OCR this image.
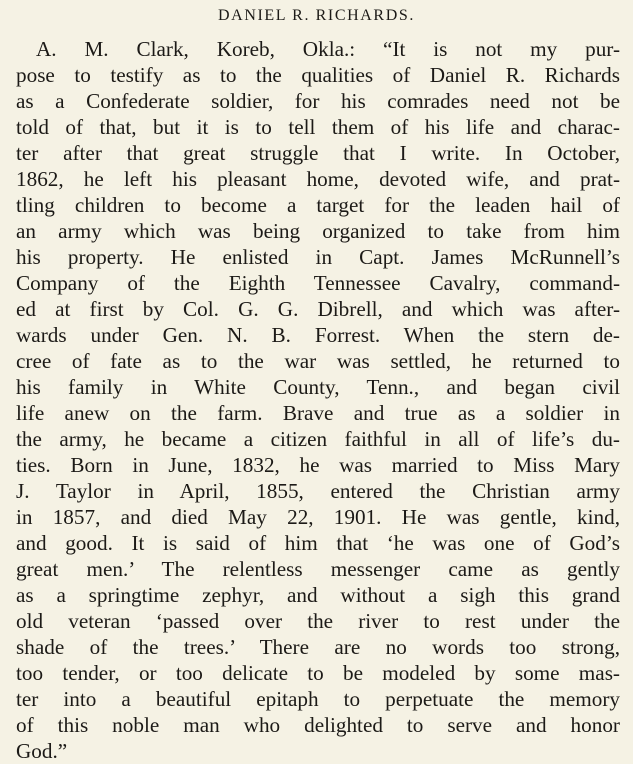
DANIEL R. RICHARDS.
A. M. Clark, Koreb, Okla.: “It is not my pur-
pose to testify as to the qualities of Daniel R. Richards
as a Confederate soldier, for his comrades need not be
told of that, but it is to tell them of his life and charac-
ter after that great struggle that I write. In October,
1862, he left his pleasant home, devoted wife, and prat-
tling children to become a target for the leaden hail of
an army which was being organized to take from him
his property. He enlisted in Capt. James McRunnell’s
Company of the Eighth Tennessee Cavalry, command-
ed at first by Col. G. G. Dibrell, and which was after-
wards under Gen. N. B. Forrest. When the stern de-
cree of fate as to the war was settled, he returned to
his family in White County, Tenn., and began civil
life anew on the farm. Brave and true as a soldier in
the army, he became a citizen faithful in all of life’s du-
ties. Born in June, 1832, he was married to Miss Mary
J. Taylor in April, 1855, entered the Christian army
in 1857, and died May 22, 1901. He was gentle, kind,
and good. It is said of him that ‘he was one of God’s
great men.’ The relentless messenger came as gently
as a springtime zephyr, and without a sigh this grand
old veteran ‘passed over the river to rest under the
shade of the trees.’ There are no words too strong,
too tender, or too delicate to be modeled by some mas-
ter into a beautiful epitaph to perpetuate the memory
of this noble man who delighted to serve and honor
God.”
